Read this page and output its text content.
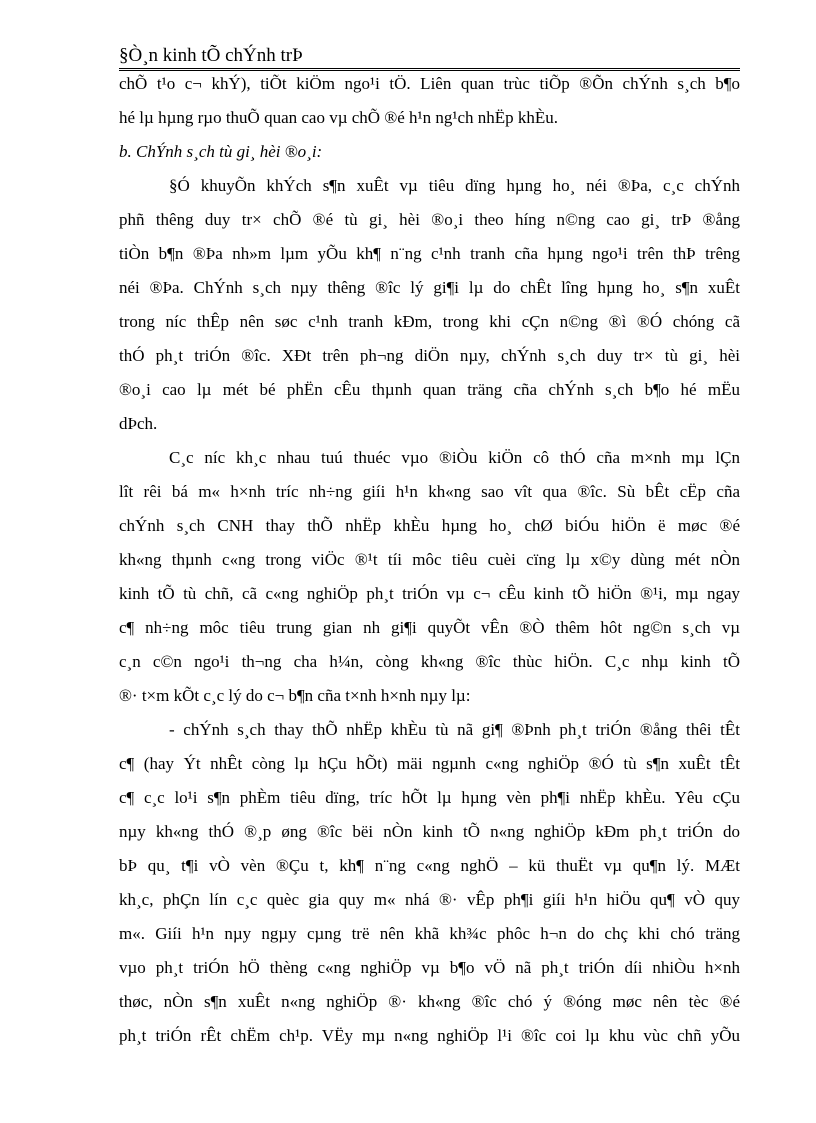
§Ò¸n kinh tÕ chÝnh trÞ
chÕ t¹o c¬ khÝ), tiÕt kiÖm ngo¹i tÖ. Liên quan trùc tiÕp ®Õn chÝnh s¸ch b¶o
hé lµ hµng rµo thuÕ quan cao vµ chÕ ®é h¹n ng¹ch nhËp khÈu.
b. ChÝnh s¸ch tù gi¸ hèi ®o¸i:
§Ó khuyÕn khÝch s¶n xuÊt vµ tiêu dïng hµng ho¸ néi ®Þa, c¸c chÝnh
phñ thêng duy tr× chÕ ®é tù gi¸ hèi ®o¸i theo híng n©ng cao gi¸ trÞ ®ång
tiÒn b¶n ®Þa nh»m lµm yÕu kh¶ n¨ng c¹nh tranh cña hµng ngo¹i trên thÞ trêng
néi ®Þa. ChÝnh s¸ch nµy thêng ®îc lý gi¶i lµ do chÊt lîng hµng ho¸ s¶n xuÊt
trong níc thÊp nên søc c¹nh tranh kÐm, trong khi cÇn n©ng ®ì ®Ó chóng cã
thÓ ph¸t triÓn ®îc. XÐt trên ph¬ng diÖn nµy, chÝnh s¸ch duy tr× tù gi¸ hèi
®o¸i cao lµ mét bé phËn cÊu thµnh quan träng cña chÝnh s¸ch b¶o hé mËu
dÞch.
C¸c níc kh¸c nhau tuú thuéc vµo ®iÒu kiÖn cô thÓ cña m×nh mµ lÇn
lît rêi bá m« h×nh tríc nh÷ng giíi h¹n kh«ng sao vît qua ®îc. Sù bÊt cËp cña
chÝnh s¸ch CNH thay thÕ nhËp khÈu hµng ho¸ chØ biÓu hiÖn ë møc ®é
kh«ng thµnh c«ng trong viÖc ®¹t tíi môc tiêu cuèi cïng lµ x©y dùng mét nÒn
kinh tÕ tù chñ, cã c«ng nghiÖp ph¸t triÓn vµ c¬ cÊu kinh tÕ hiÖn ®¹i, mµ ngay
c¶ nh÷ng môc tiêu trung gian nh gi¶i quyÕt vÊn ®Ò thêm hôt ng©n s¸ch vµ
c¸n c©n ngo¹i th¬ng cha h¼n, còng kh«ng ®îc thùc hiÖn. C¸c nhµ kinh tÕ
®· t×m kÕt c¸c lý do c¬ b¶n cña t×nh h×nh nµy lµ:
- chÝnh s¸ch thay thÕ nhËp khÈu tù nã gi¶ ®Þnh ph¸t triÓn ®ång thêi tÊt
c¶ (hay Ýt nhÊt còng lµ hÇu hÕt) mäi ngµnh c«ng nghiÖp ®Ó tù s¶n xuÊt tÊt
c¶ c¸c lo¹i s¶n phÈm tiêu dïng, tríc hÕt lµ hµng vèn ph¶i nhËp khÈu. Yêu cÇu
nµy kh«ng thÓ ®¸p øng ®îc bëi nÒn kinh tÕ n«ng nghiÖp kÐm ph¸t triÓn do
bÞ qu¸ t¶i vÒ vèn ®Çu t, kh¶ n¨ng c«ng nghÖ – kü thuËt vµ qu¶n lý. MÆt
kh¸c, phÇn lín c¸c quèc gia quy m« nhá ®· vÊp ph¶i giíi h¹n hiÖu qu¶ vÒ quy
m«. Giíi h¹n nµy ngµy cµng trë nên khã kh¾c phôc h¬n do chç khi chó träng
vµo ph¸t triÓn hÖ thèng c«ng nghiÖp vµ b¶o vÖ nã ph¸t triÓn díi nhiÒu h×nh
thøc, nÒn s¶n xuÊt n«ng nghiÖp ®· kh«ng ®îc chó ý ®óng møc nên tèc ®é
ph¸t triÓn rÊt chËm ch¹p. VËy mµ n«ng nghiÖp l¹i ®îc coi lµ khu vùc chñ yÕu
